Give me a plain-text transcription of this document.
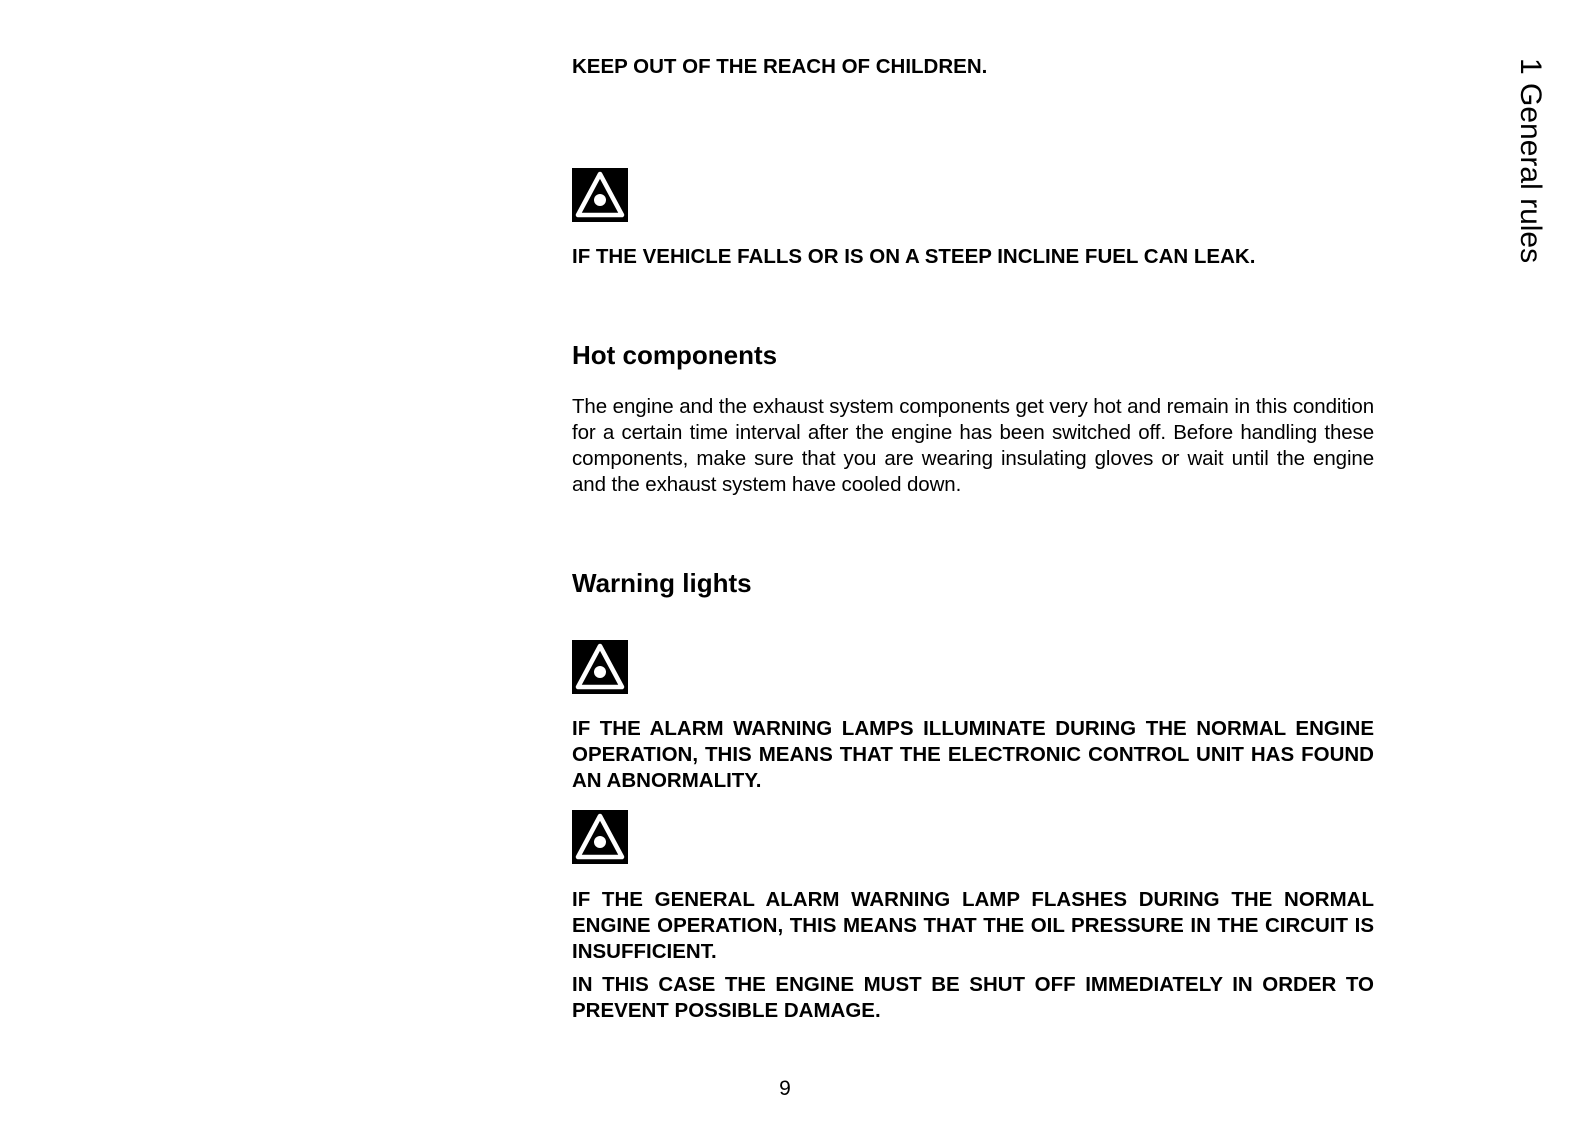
1 General rules

KEEP OUT OF THE REACH OF CHILDREN.

IF THE VEHICLE FALLS OR IS ON A STEEP INCLINE FUEL CAN LEAK.

Hot components

The engine and the exhaust system components get very hot and remain in this condition for a certain time interval after the engine has been switched off. Before handling these components, make sure that you are wearing insulating gloves or wait until the engine and the exhaust system have cooled down.

Warning lights

IF THE ALARM WARNING LAMPS ILLUMINATE DURING THE NORMAL ENGINE OPERATION, THIS MEANS THAT THE ELECTRONIC CONTROL UNIT HAS FOUND AN ABNORMALITY.

IF THE GENERAL ALARM WARNING LAMP FLASHES DURING THE NORMAL ENGINE OPERATION, THIS MEANS THAT THE OIL PRESSURE IN THE CIRCUIT IS INSUFFICIENT.

IN THIS CASE THE ENGINE MUST BE SHUT OFF IMMEDIATELY IN ORDER TO PREVENT POSSIBLE DAMAGE.

9
